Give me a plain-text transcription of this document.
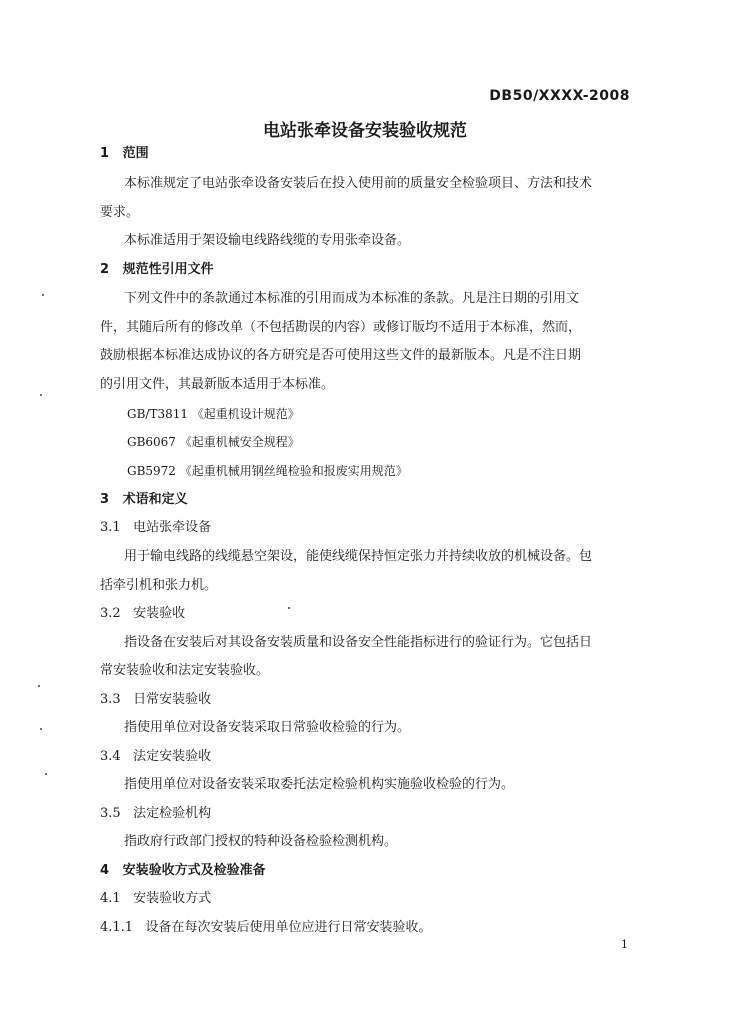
DB50/XXXX-2008
电站张牵设备安装验收规范
1 范围
本标准规定了电站张牵设备安装后在投入使用前的质量安全检验项目、方法和技术
要求。
本标准适用于架设输电线路线缆的专用张牵设备。
2 规范性引用文件
下列文件中的条款通过本标准的引用而成为本标准的条款。凡是注日期的引用文
件，其随后所有的修改单（不包括勘误的内容）或修订版均不适用于本标准，然而，
鼓励根据本标准达成协议的各方研究是否可使用这些文件的最新版本。凡是不注日期
的引用文件，其最新版本适用于本标准。
GB/T3811 《起重机设计规范》
GB6067 《起重机械安全规程》
GB5972 《起重机械用钢丝绳检验和报废实用规范》
3 术语和定义
3.1 电站张牵设备
用于输电线路的线缆悬空架设，能使线缆保持恒定张力并持续收放的机械设备。包
括牵引机和张力机。
3.2 安装验收
指设备在安装后对其设备安装质量和设备安全性能指标进行的验证行为。它包括日
常安装验收和法定安装验收。
3.3 日常安装验收
指使用单位对设备安装采取日常验收检验的行为。
3.4 法定安装验收
指使用单位对设备安装采取委托法定检验机构实施验收检验的行为。
3.5 法定检验机构
指政府行政部门授权的特种设备检验检测机构。
4 安装验收方式及检验准备
4.1 安装验收方式
4.1.1 设备在每次安装后使用单位应进行日常安装验收。
1
